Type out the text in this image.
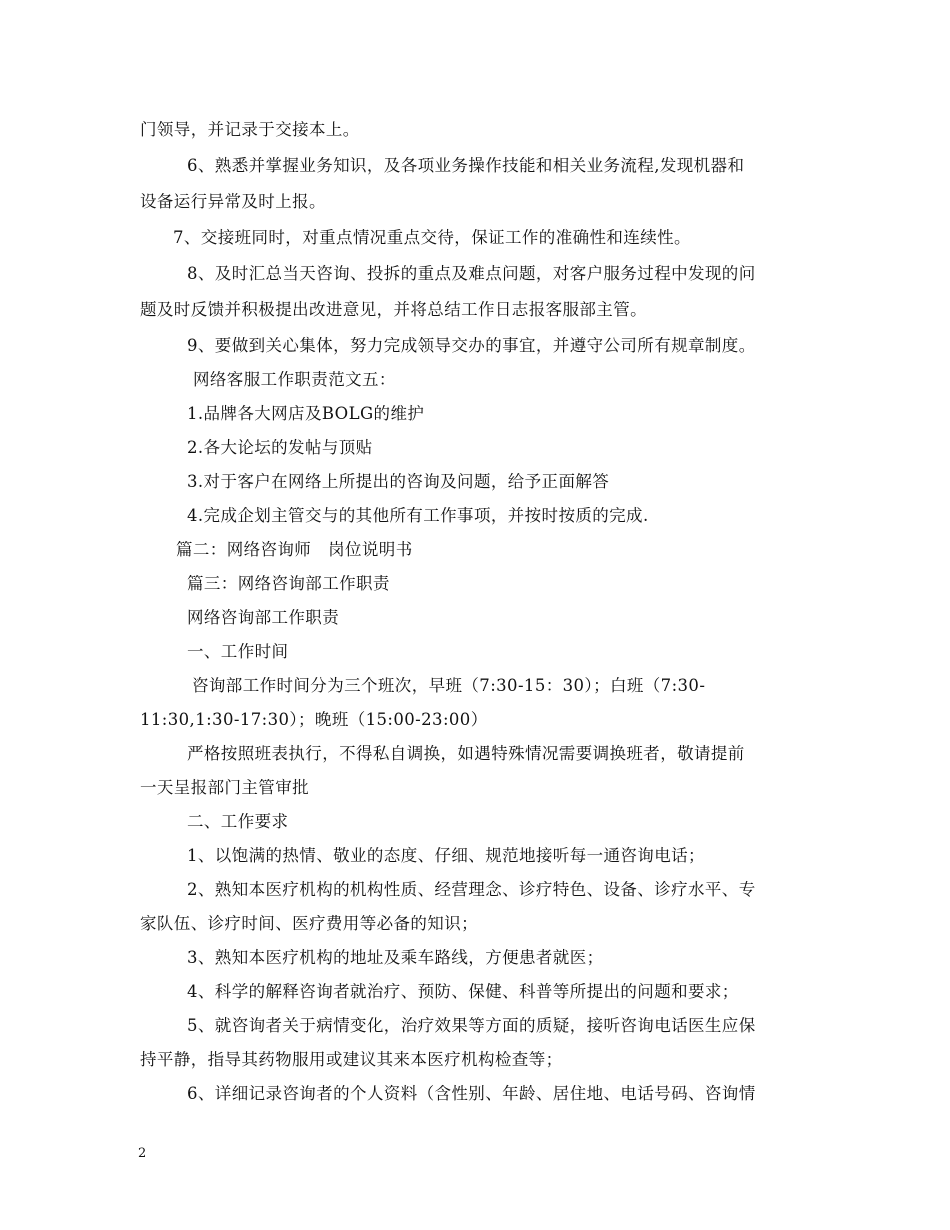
门领导，并记录于交接本上。
6、熟悉并掌握业务知识，及各项业务操作技能和相关业务流程,发现机器和
设备运行异常及时上报。
7、交接班同时，对重点情况重点交待，保证工作的准确性和连续性。
8、及时汇总当天咨询、投拆的重点及难点问题，对客户服务过程中发现的问
题及时反馈并积极提出改进意见，并将总结工作日志报客服部主管。
9、要做到关心集体，努力完成领导交办的事宜，并遵守公司所有规章制度。
网络客服工作职责范文五：
1.品牌各大网店及BOLG的维护
2.各大论坛的发帖与顶贴
3.对于客户在网络上所提出的咨询及问题，给予正面解答
4.完成企划主管交与的其他所有工作事项，并按时按质的完成.
篇二：网络咨询师　岗位说明书
篇三：网络咨询部工作职责
网络咨询部工作职责
一、工作时间
咨询部工作时间分为三个班次，早班（7:30-15：30）；白班（7:30-
11:30,1:30-17:30）；晚班（15:00-23:00）
严格按照班表执行，不得私自调换，如遇特殊情况需要调换班者，敬请提前
一天呈报部门主管审批
二、工作要求
1、以饱满的热情、敬业的态度、仔细、规范地接听每一通咨询电话；
2、熟知本医疗机构的机构性质、经营理念、诊疗特色、设备、诊疗水平、专
家队伍、诊疗时间、医疗费用等必备的知识；
3、熟知本医疗机构的地址及乘车路线，方便患者就医；
4、科学的解释咨询者就治疗、预防、保健、科普等所提出的问题和要求；
5、就咨询者关于病情变化，治疗效果等方面的质疑，接听咨询电话医生应保
持平静，指导其药物服用或建议其来本医疗机构检查等；
6、详细记录咨询者的个人资料（含性别、年龄、居住地、电话号码、咨询情
2
